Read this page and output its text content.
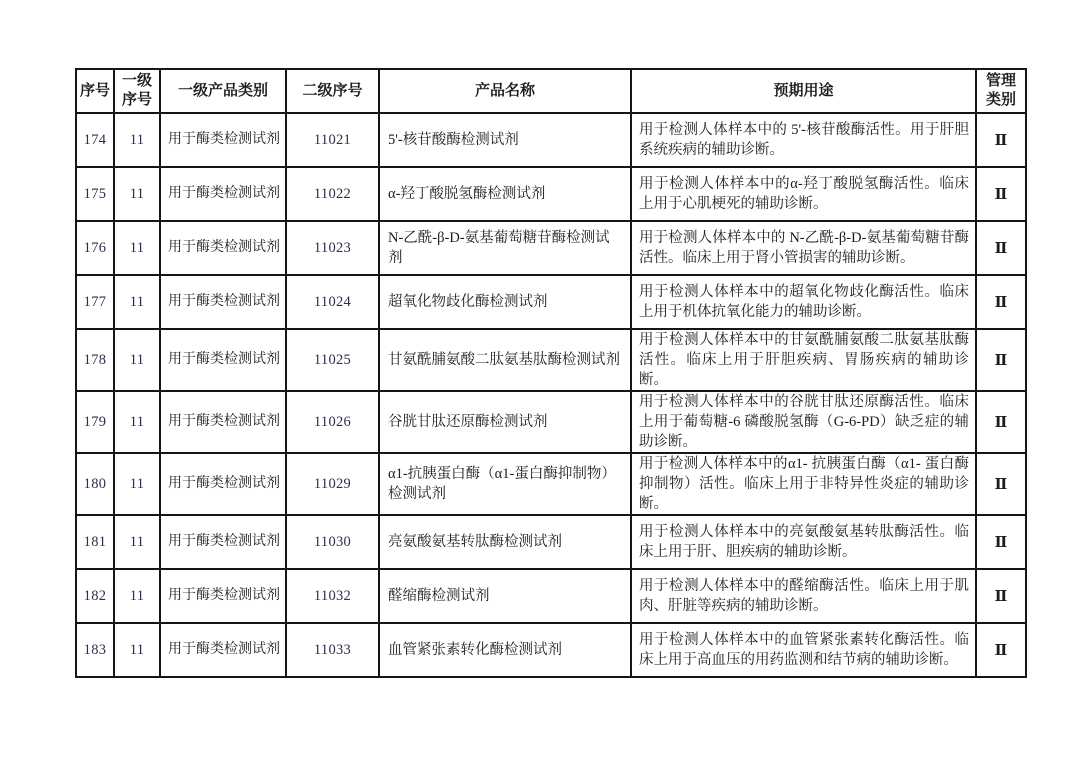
序号	一级序号	一级产品类别	二级序号	产品名称	预期用途	管理类别
174	11	用于酶类检测试剂	11021	5'-核苷酸酶检测试剂	用于检测人体样本中的 5'-核苷酸酶活性。用于肝胆系统疾病的辅助诊断。	Ⅱ
175	11	用于酶类检测试剂	11022	α-羟丁酸脱氢酶检测试剂	用于检测人体样本中的α-羟丁酸脱氢酶活性。临床上用于心肌梗死的辅助诊断。	Ⅱ
176	11	用于酶类检测试剂	11023	N-乙酰-β-D-氨基葡萄糖苷酶检测试剂	用于检测人体样本中的 N-乙酰-β-D-氨基葡萄糖苷酶活性。临床上用于肾小管损害的辅助诊断。	Ⅱ
177	11	用于酶类检测试剂	11024	超氧化物歧化酶检测试剂	用于检测人体样本中的超氧化物歧化酶活性。临床上用于机体抗氧化能力的辅助诊断。	Ⅱ
178	11	用于酶类检测试剂	11025	甘氨酰脯氨酸二肽氨基肽酶检测试剂	用于检测人体样本中的甘氨酰脯氨酸二肽氨基肽酶活性。临床上用于肝胆疾病、胃肠疾病的辅助诊断。	Ⅱ
179	11	用于酶类检测试剂	11026	谷胱甘肽还原酶检测试剂	用于检测人体样本中的谷胱甘肽还原酶活性。临床上用于葡萄糖-6 磷酸脱氢酶（G-6-PD）缺乏症的辅助诊断。	Ⅱ
180	11	用于酶类检测试剂	11029	α1-抗胰蛋白酶（α1-蛋白酶抑制物）检测试剂	用于检测人体样本中的α1- 抗胰蛋白酶（α1- 蛋白酶抑制物）活性。临床上用于非特异性炎症的辅助诊断。	Ⅱ
181	11	用于酶类检测试剂	11030	亮氨酸氨基转肽酶检测试剂	用于检测人体样本中的亮氨酸氨基转肽酶活性。临床上用于肝、胆疾病的辅助诊断。	Ⅱ
182	11	用于酶类检测试剂	11032	醛缩酶检测试剂	用于检测人体样本中的醛缩酶活性。临床上用于肌肉、肝脏等疾病的辅助诊断。	Ⅱ
183	11	用于酶类检测试剂	11033	血管紧张素转化酶检测试剂	用于检测人体样本中的血管紧张素转化酶活性。临床上用于高血压的用药监测和结节病的辅助诊断。	Ⅱ
